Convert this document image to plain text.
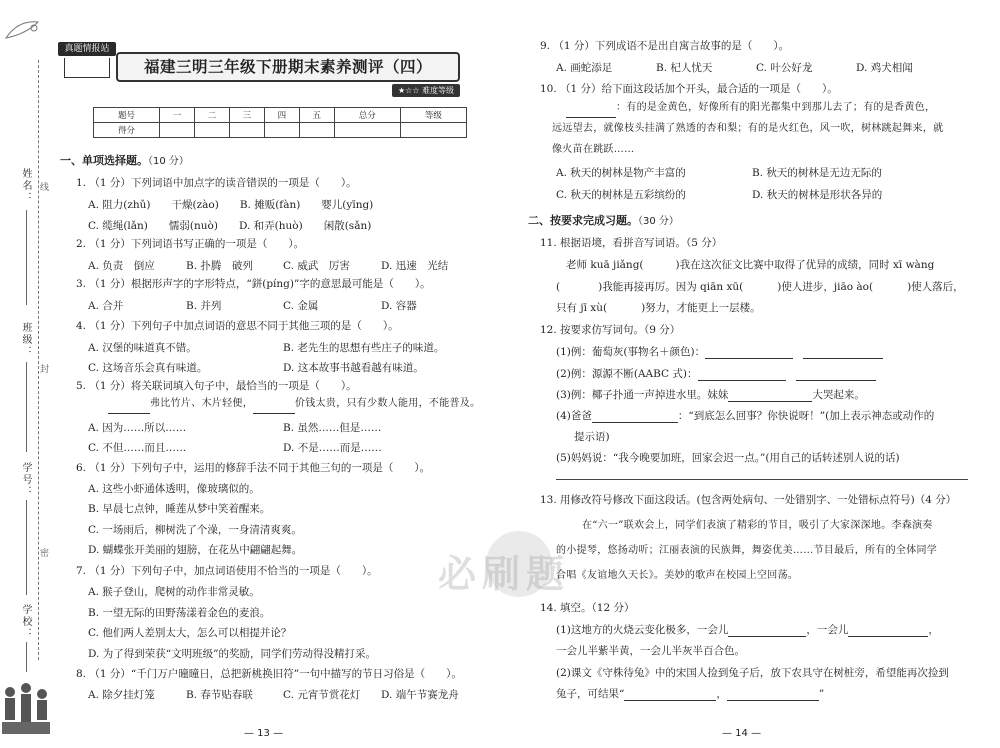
姓名：
班级：
学号：
学校：
线
封
密
真题情报站
福建三明三年级下册期末素养测评（四）
★☆☆ 难度等级
题号	一	二	三	四	五	总分	等级
得分							
一、单项选择题。（10 分）
1. （1 分）下列词语中加点字的读音错误的一项是（　　）。
A. 阻力(zhǔ)　　干燥(zào)　　B. 摊贩(fàn)　　婴儿(yīng)
C. 缆绳(lǎn)　　懦弱(nuò)　　D. 和弄(huò)　　闲散(sǎn)
2. （1 分）下列词语书写正确的一项是（　　）。
A. 负责　倒应	B. 扑腾　破列	C. 威武　厉害	D. 迅速　光结
3. （1 分）根据形声字的字形特点，“鉼(píng)”字的意思最可能是（　　）。
A. 合并	B. 并列	C. 金属	D. 容器
4. （1 分）下列句子中加点词语的意思不同于其他三项的是（　　）。
A. 汉堡的味道真不错。	B. 老先生的思想有些庄子的味道。
C. 这场音乐会真有味道。	D. 这本故事书越看越有味道。
5. （1 分）将关联词填入句子中，最恰当的一项是（　　）。
弗比竹片、木片轻便，	价钱太贵，只有少数人能用，不能普及。
A. 因为……所以……	B. 虽然……但是……
C. 不但……而且……	D. 不是……而是……
6. （1 分）下列句子中，运用的修辞手法不同于其他三句的一项是（　　）。
A. 这些小虾通体透明，像玻璃似的。
B. 早晨七点钟，睡莲从梦中笑着醒来。
C. 一场雨后，柳树洗了个澡，一身清清爽爽。
D. 蝴蝶张开美丽的翅膀，在花丛中翩翩起舞。
7. （1 分）下列句子中，加点词语使用不恰当的一项是（　　）。
A. 猴子登山，爬树的动作非常灵敏。
B. 一望无际的田野荡漾着金色的麦浪。
C. 他们两人差别太大，怎么可以相提并论？
D. 为了得到荣获“文明班级”的奖励，同学们劳动得没精打采。
8. （1 分）“千门万户曈曈日，总把新桃换旧符”一句中描写的节日习俗是（　　）。
A. 除夕挂灯笼	B. 春节贴春联	C. 元宵节赏花灯 D. 端午节赛龙舟
— 13 —
必刷题
9. （1 分）下列成语不是出自寓言故事的是（　　）。
A. 画蛇添足	B. 杞人忧天	C. 叶公好龙	D. 鸡犬相闻
10. （1 分）给下面这段话加个开头，最合适的一项是（　　）。
：有的是金黄色，好像所有的阳光都集中到那儿去了；有的是香黄色，
远远望去，就像枝头挂满了熟透的杏和梨；有的是火红色，风一吹，树林跳起舞来，就
像火苗在跳跃……
A. 秋天的树林是物产丰富的	B. 秋天的树林是无边无际的
C. 秋天的树林是五彩缤纷的	D. 秋天的树林是形状各异的
二、按要求完成习题。（30 分）
11. 根据语境，看拼音写词语。（5 分）
老师 kuā jiǎng(	)我在这次征文比赛中取得了优异的成绩，同时 xī wàng
(	)我能再接再厉。因为 qiān xū(	)使人进步，jiāo ào(	)使人落后，
只有 jī xù(	)努力，才能更上一层楼。
12. 按要求仿写词句。（9 分）
(1)例：葡萄灰(事物名＋颜色)：
(2)例：源源不断(AABC 式)：
(3)例：椰子扑通一声掉进水里。妹妹	大哭起来。
(4)爸爸	：“到底怎么回事？你快说呀！”(加上表示神态或动作的
提示语)
(5)妈妈说：“我今晚要加班，回家会迟一点。”(用自己的话转述别人说的话)
13. 用修改符号修改下面这段话。(包含两处病句、一处错别字、一处错标点符号)（4 分）
在“六一”联欢会上，同学们表演了精彩的节目，吸引了大家深深地。李森演奏
的小提琴，悠扬动听；江丽表演的民族舞，舞姿优美……节目最后，所有的全体同学
合唱《友谊地久天长》。美妙的歌声在校园上空回荡。
14. 填空。（12 分）
(1)这地方的火烧云变化极多，一会儿	，一会儿	，
一会儿半紫半黄，一会儿半灰半百合色。
(2)课文《守株待兔》中的宋国人捡到兔子后，放下农具守在树桩旁，希望能再次捡到
兔子，可结果“	，	”
— 14 —
